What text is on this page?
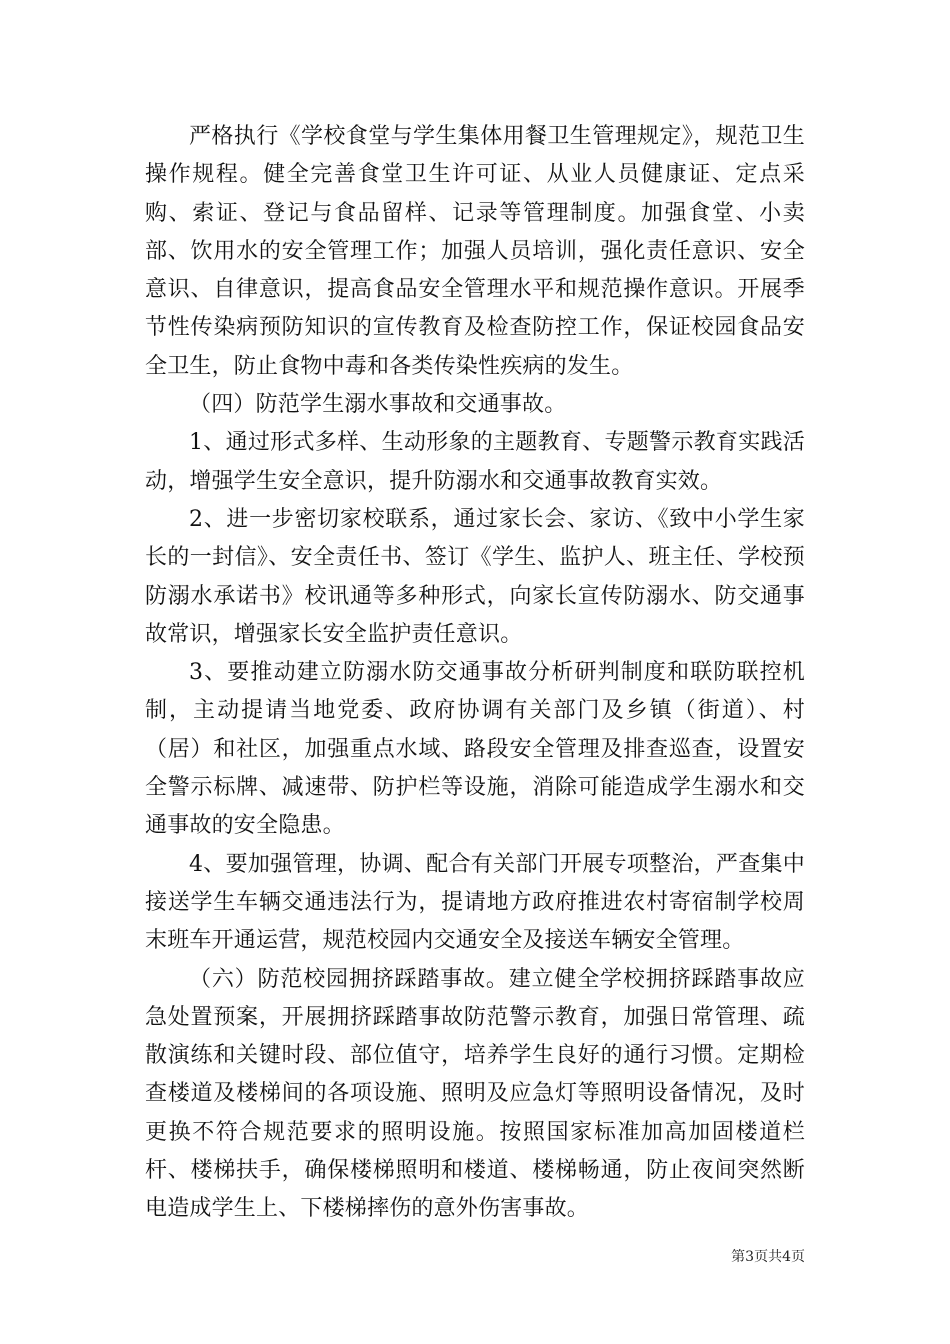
严格执行《学校食堂与学生集体用餐卫生管理规定》，规范卫生操作规程。健全完善食堂卫生许可证、从业人员健康证、定点采购、索证、登记与食品留样、记录等管理制度。加强食堂、小卖部、饮用水的安全管理工作；加强人员培训，强化责任意识、安全意识、自律意识，提高食品安全管理水平和规范操作意识。开展季节性传染病预防知识的宣传教育及检查防控工作，保证校园食品安全卫生，防止食物中毒和各类传染性疾病的发生。

（四）防范学生溺水事故和交通事故。

1、通过形式多样、生动形象的主题教育、专题警示教育实践活动，增强学生安全意识，提升防溺水和交通事故教育实效。

2、进一步密切家校联系，通过家长会、家访、《致中小学生家长的一封信》、安全责任书、签订《学生、监护人、班主任、学校预防溺水承诺书》校讯通等多种形式，向家长宣传防溺水、防交通事故常识，增强家长安全监护责任意识。

3、要推动建立防溺水防交通事故分析研判制度和联防联控机制，主动提请当地党委、政府协调有关部门及乡镇（街道）、村（居）和社区，加强重点水域、路段安全管理及排查巡查，设置安全警示标牌、减速带、防护栏等设施，消除可能造成学生溺水和交通事故的安全隐患。

4、要加强管理，协调、配合有关部门开展专项整治，严查集中接送学生车辆交通违法行为，提请地方政府推进农村寄宿制学校周末班车开通运营，规范校园内交通安全及接送车辆安全管理。

（六）防范校园拥挤踩踏事故。建立健全学校拥挤踩踏事故应急处置预案，开展拥挤踩踏事故防范警示教育，加强日常管理、疏散演练和关键时段、部位值守，培养学生良好的通行习惯。定期检查楼道及楼梯间的各项设施、照明及应急灯等照明设备情况，及时更换不符合规范要求的照明设施。按照国家标准加高加固楼道栏杆、楼梯扶手，确保楼梯照明和楼道、楼梯畅通，防止夜间突然断电造成学生上、下楼梯摔伤的意外伤害事故。

第3页共4页
